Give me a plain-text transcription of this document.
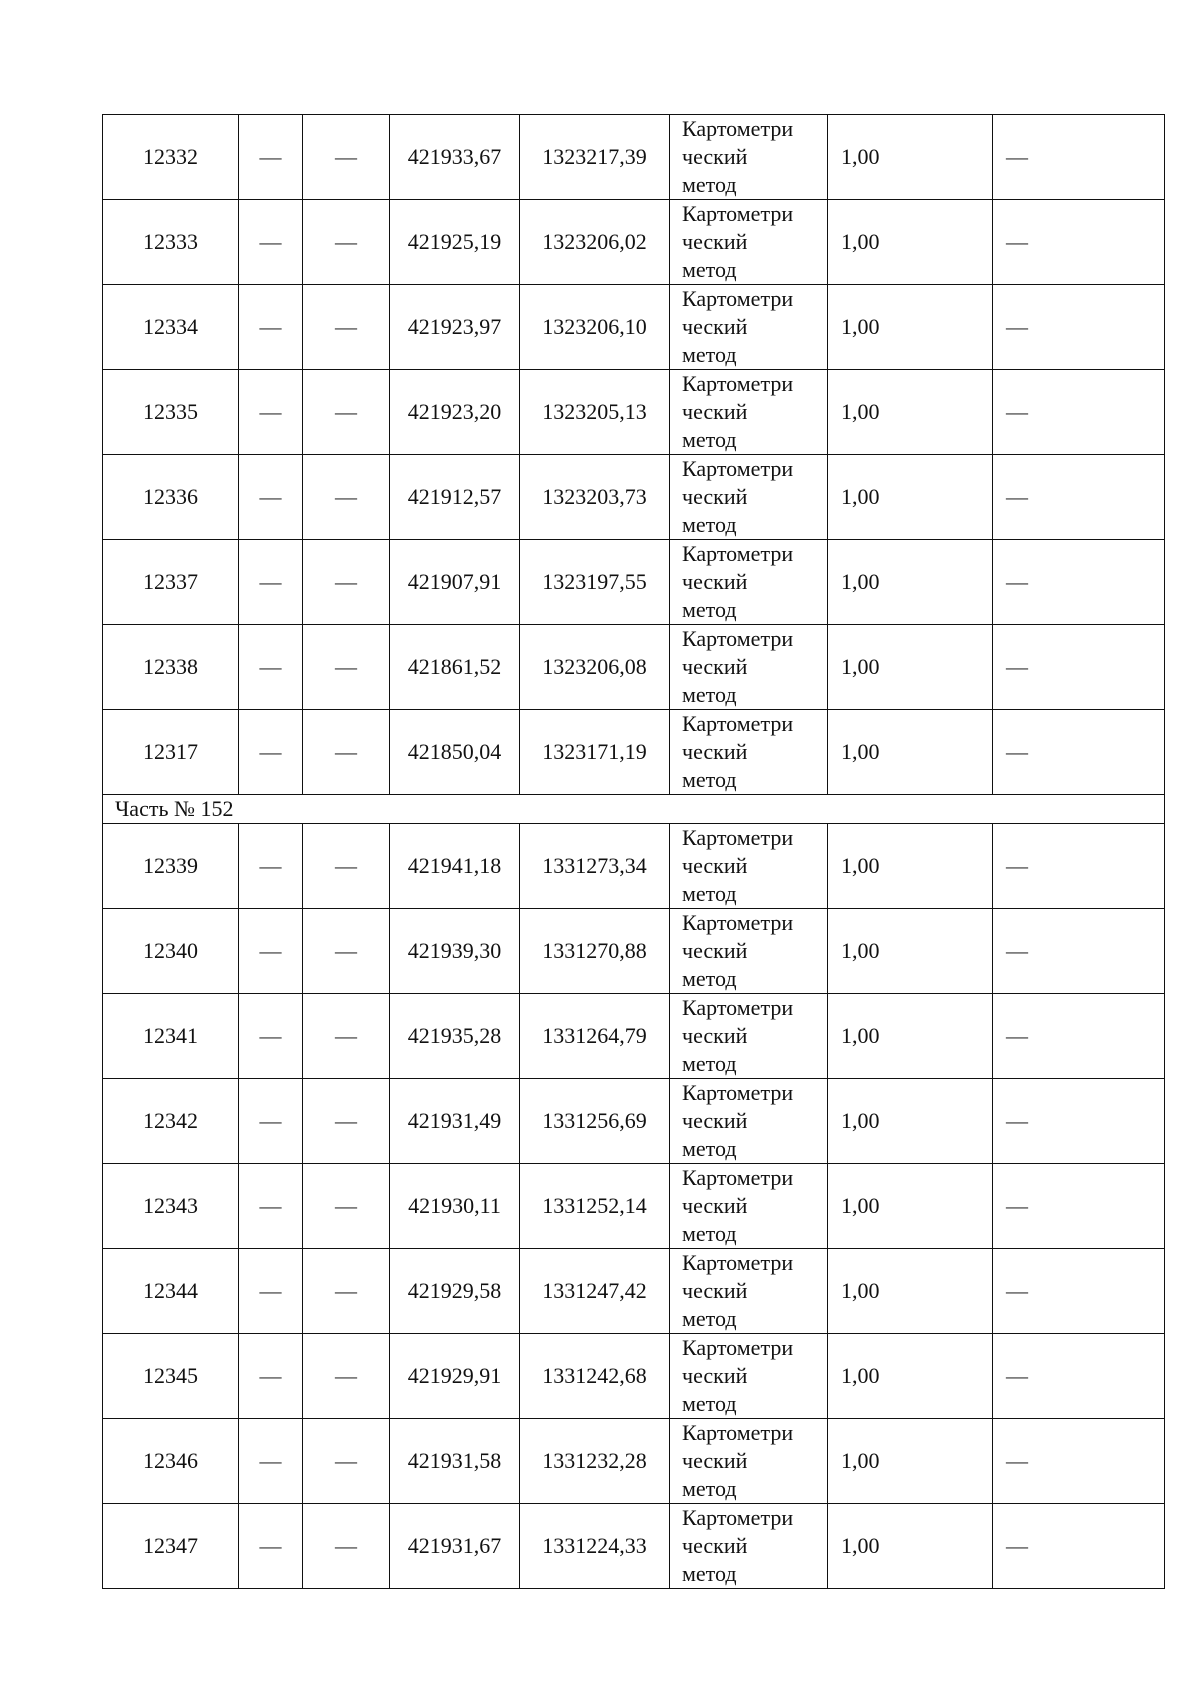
12332	—	—	421933,67	1323217,39	Картометри
ческий
метод	1,00	—
12333	—	—	421925,19	1323206,02	Картометри
ческий
метод	1,00	—
12334	—	—	421923,97	1323206,10	Картометри
ческий
метод	1,00	—
12335	—	—	421923,20	1323205,13	Картометри
ческий
метод	1,00	—
12336	—	—	421912,57	1323203,73	Картометри
ческий
метод	1,00	—
12337	—	—	421907,91	1323197,55	Картометри
ческий
метод	1,00	—
12338	—	—	421861,52	1323206,08	Картометри
ческий
метод	1,00	—
12317	—	—	421850,04	1323171,19	Картометри
ческий
метод	1,00	—
Часть № 152							
12339	—	—	421941,18	1331273,34	Картометри
ческий
метод	1,00	—
12340	—	—	421939,30	1331270,88	Картометри
ческий
метод	1,00	—
12341	—	—	421935,28	1331264,79	Картометри
ческий
метод	1,00	—
12342	—	—	421931,49	1331256,69	Картометри
ческий
метод	1,00	—
12343	—	—	421930,11	1331252,14	Картометри
ческий
метод	1,00	—
12344	—	—	421929,58	1331247,42	Картометри
ческий
метод	1,00	—
12345	—	—	421929,91	1331242,68	Картометри
ческий
метод	1,00	—
12346	—	—	421931,58	1331232,28	Картометри
ческий
метод	1,00	—
12347	—	—	421931,67	1331224,33	Картометри
ческий
метод	1,00	—
